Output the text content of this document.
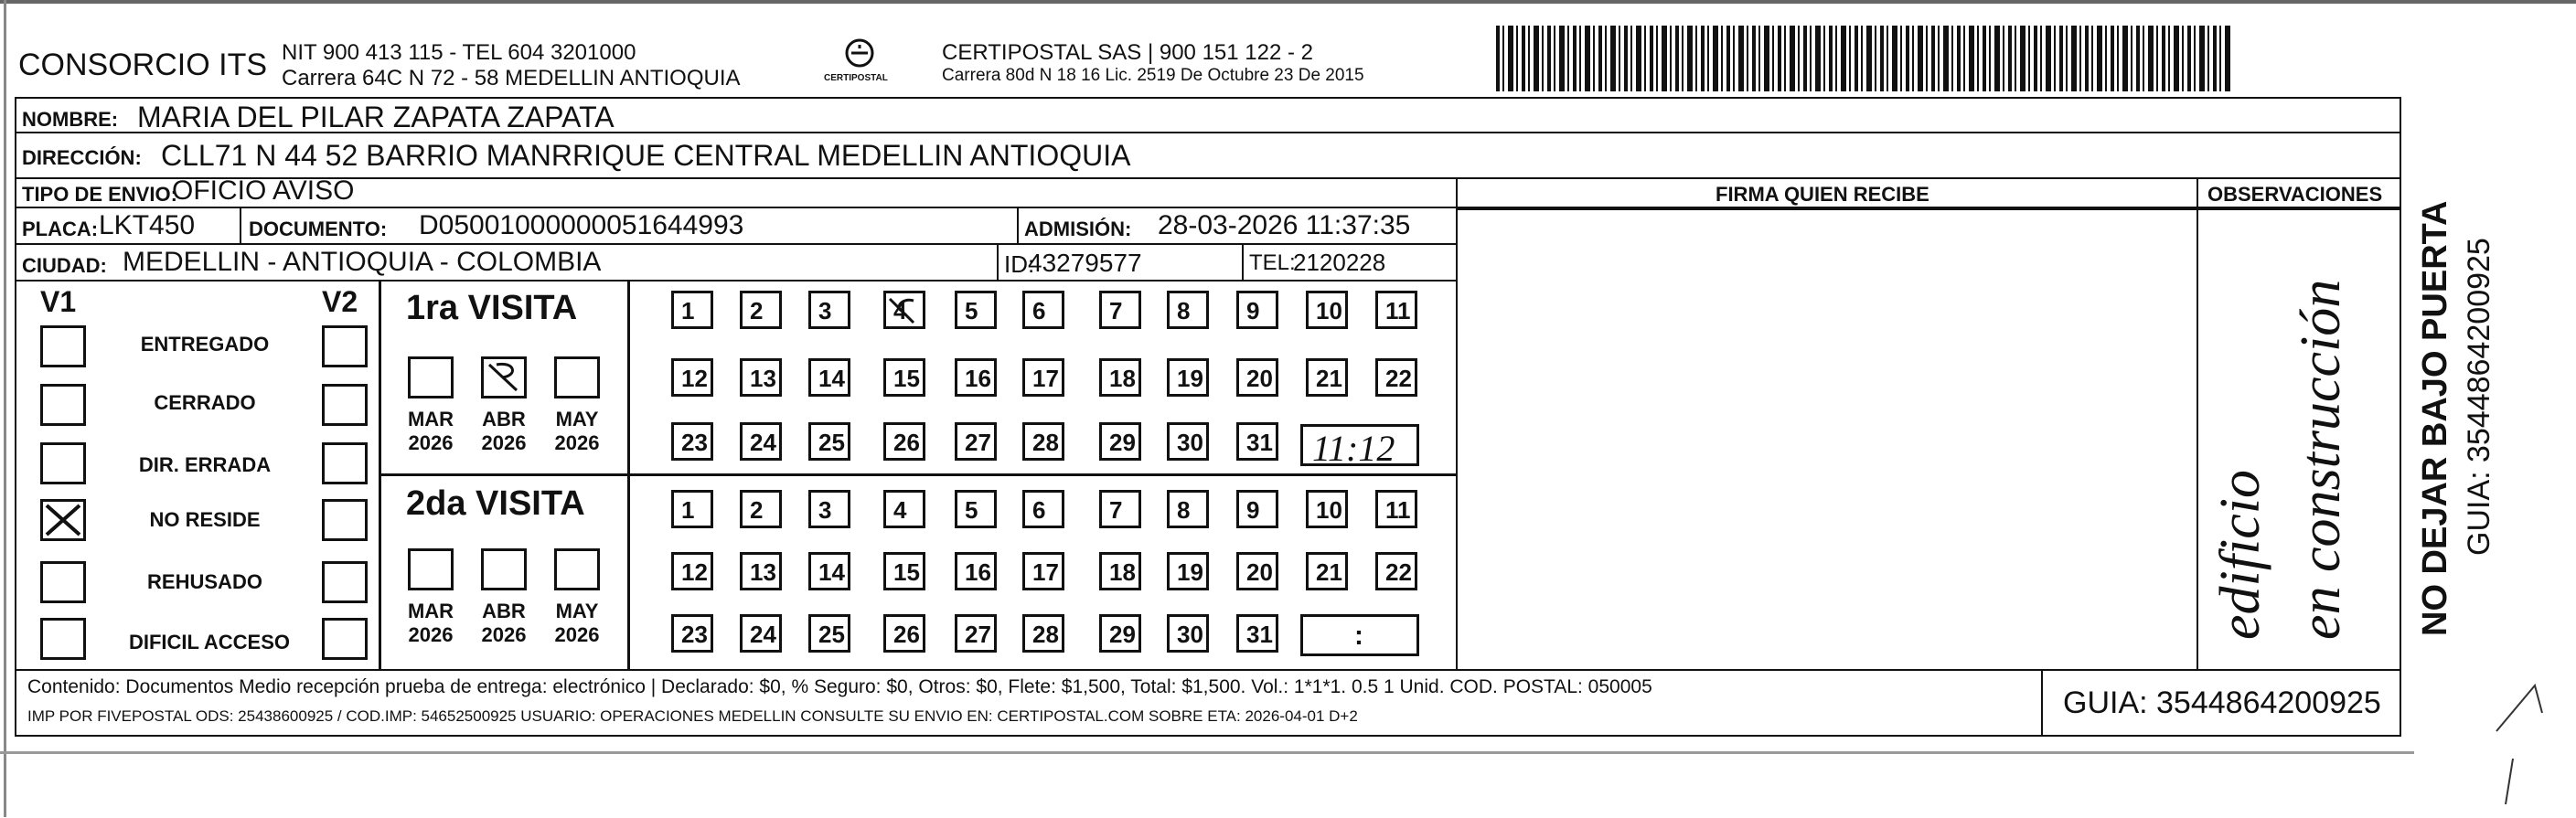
CONSORCIO ITS NIT 900 413 115 - TEL 604 3201000
Carrera 64C N 72 - 58 MEDELLIN ANTIOQUIA	CERTIPOSTAL
CERTIPOSTAL SAS | 900 151 122 - 2
Carrera 80d N 18 16 Lic. 2519 De Octubre 23 De 2015
NOMBRE: MARIA DEL PILAR ZAPATA ZAPATA
DIRECCIÓN: CLL71 N 44 52 BARRIO MANRRIQUE CENTRAL MEDELLIN ANTIOQUIA
TIPO DE ENVIO:
OFICIO AVISO
PLACA: LKT450	DOCUMENTO: D05001000000051644993	ADMISIÓN: 28-03-2026 11:37:35
CIUDAD: MEDELLIN - ANTIOQUIA - COLOMBIA	ID:
43279577	TEL:
2120228
FIRMA QUIEN RECIBE	OBSERVACIONES
edificio en construcción
V1	V2
ENTREGADO
CERRADO
DIR. ERRADA
NO RESIDE
REHUSADO
DIFICIL ACCESO
1ra VISITA
MAR
2026
ABR
2026
MAY
2026
2da VISITA
MAR
2026
ABR
2026
MAY
2026
11:12
:
Contenido: Documentos Medio recepción prueba de entrega: electrónico | Declarado: $0, % Seguro: $0, Otros: $0, Flete: $1,500, Total: $1,500. Vol.: 1*1*1. 0.5 1 Unid. COD. POSTAL: 050005
IMP POR FIVEPOSTAL ODS: 25438600925 / COD.IMP: 54652500925 USUARIO: OPERACIONES MEDELLIN CONSULTE SU ENVIO EN: CERTIPOSTAL.COM SOBRE ETA: 2026-04-01 D+2	GUIA: 3544864200925
NO DEJAR BAJO PUERTA GUIA: 3544864200925
1	2	3	4	5	6	7	8	9	10	11
12	13	14	15	16	17	18	19	20	21	22
23	24	25	26	27	28	29	30	31
1	2	3	4	5	6	7	8	9	10	11
12	13	14	15	16	17	18	19	20	21	22
23	24	25	26	27	28	29	30	31
